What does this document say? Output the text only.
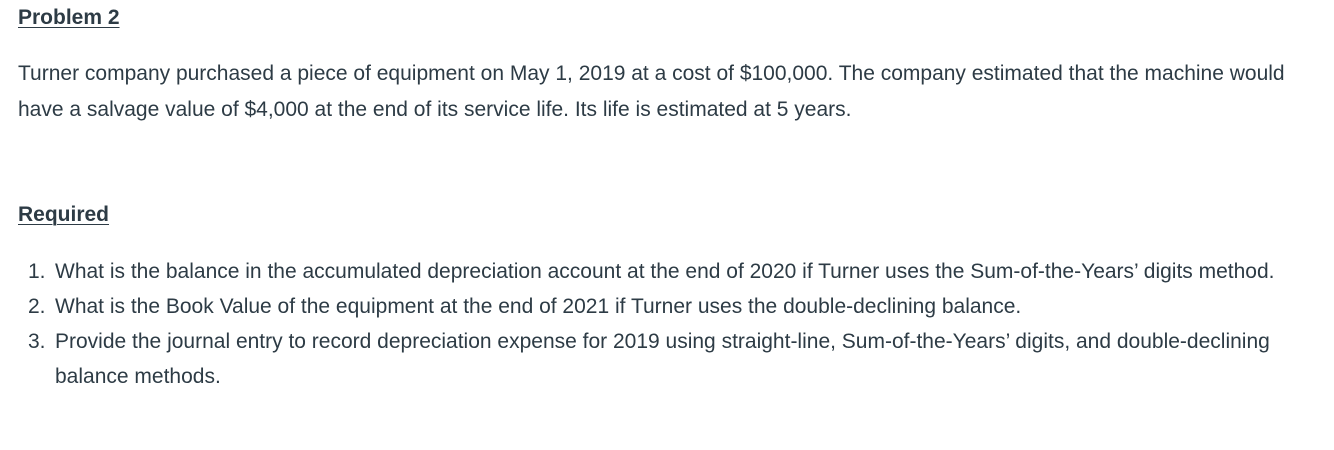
Problem 2

Turner company purchased a piece of equipment on May 1, 2019 at a cost of $100,000. The company estimated that the machine would have a salvage value of $4,000 at the end of its service life. Its life is estimated at 5 years.

Required
1. What is the balance in the accumulated depreciation account at the end of 2020 if Turner uses the Sum-of-the-Years’ digits method.
2. What is the Book Value of the equipment at the end of 2021 if Turner uses the double-declining balance.
3. Provide the journal entry to record depreciation expense for 2019 using straight-line, Sum-of-the-Years’ digits, and double-declining balance methods.
